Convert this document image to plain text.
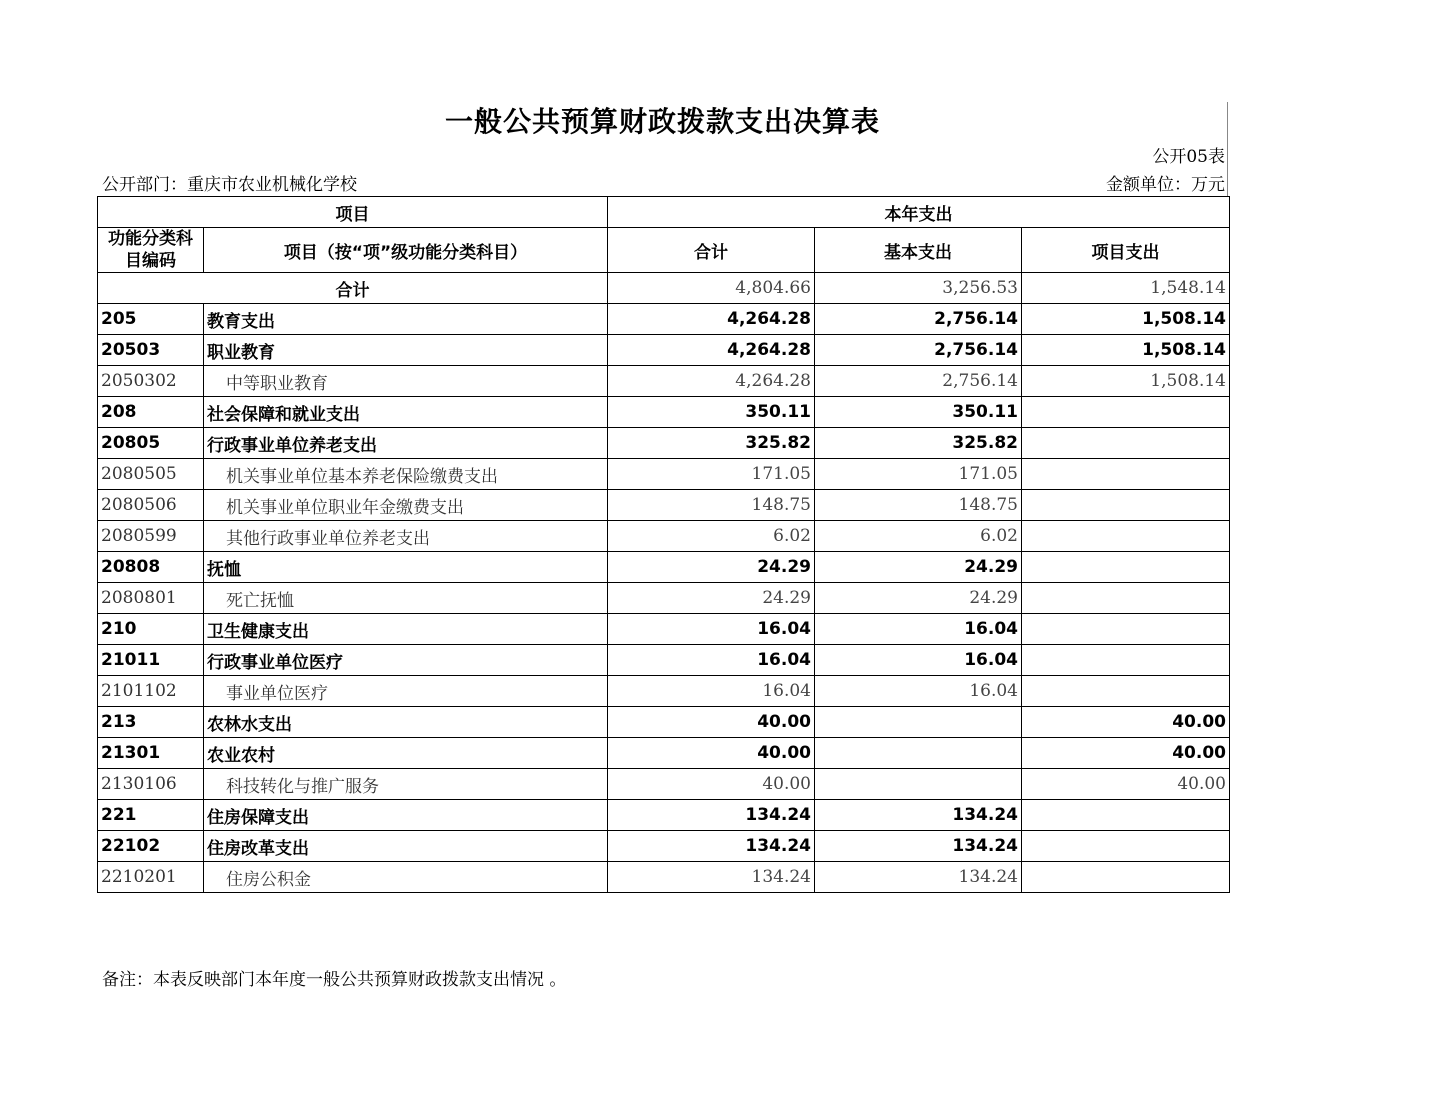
一般公共预算财政拨款支出决算表
公开05表
公开部门：重庆市农业机械化学校	金额单位：万元
项目		本年支出		
功能分类科目编码	项目（按“项”级功能分类科目）	合计	基本支出	项目支出
合计		4,804.66	3,256.53	1,548.14
205	教育支出	4,264.28	2,756.14	1,508.14
20503	职业教育	4,264.28	2,756.14	1,508.14
2050302	中等职业教育	4,264.28	2,756.14	1,508.14
208	社会保障和就业支出	350.11	350.11	
20805	行政事业单位养老支出	325.82	325.82	
2080505	机关事业单位基本养老保险缴费支出	171.05	171.05	
2080506	机关事业单位职业年金缴费支出	148.75	148.75	
2080599	其他行政事业单位养老支出	6.02	6.02	
20808	抚恤	24.29	24.29	
2080801	死亡抚恤	24.29	24.29	
210	卫生健康支出	16.04	16.04	
21011	行政事业单位医疗	16.04	16.04	
2101102	事业单位医疗	16.04	16.04	
213	农林水支出	40.00		40.00
21301	农业农村	40.00		40.00
2130106	科技转化与推广服务	40.00		40.00
221	住房保障支出	134.24	134.24	
22102	住房改革支出	134.24	134.24	
2210201	住房公积金	134.24	134.24	
备注：本表反映部门本年度一般公共预算财政拨款支出情况 。
